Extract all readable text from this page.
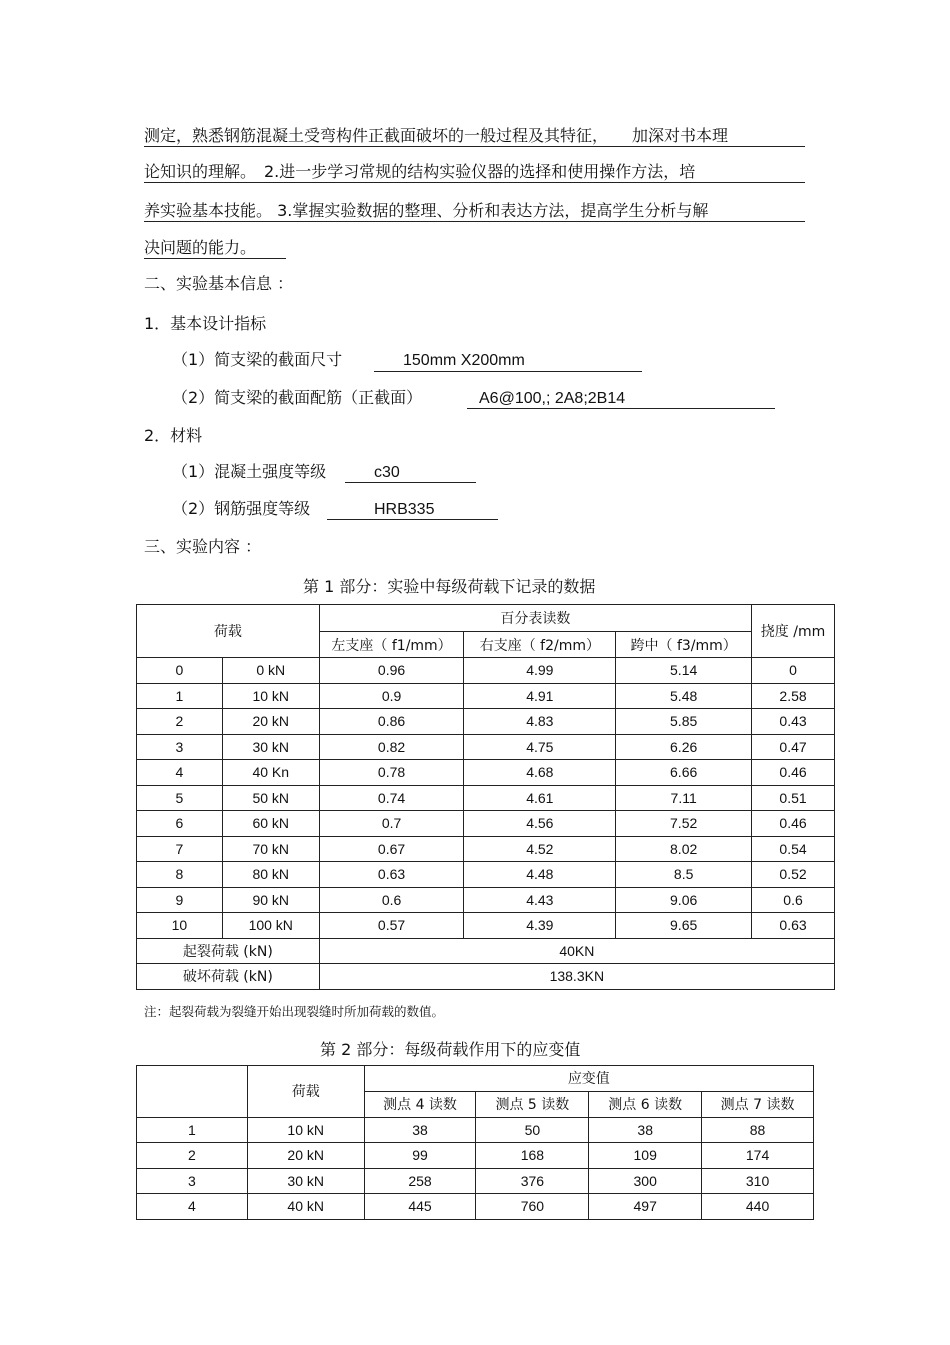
测定，熟悉钢筋混凝土受弯构件正截面破坏的一般过程及其特征，　　加深对书本理
论知识的理解。　2.进一步学习常规的结构实验仪器的选择和使用操作方法，培
养实验基本技能。 3.掌握实验数据的整理、分析和表达方法，提高学生分析与解
决问题的能力。
二、实验基本信息 ：
1．基本设计指标
（1）简支梁的截面尺寸	150mm X200mm
（2）简支梁的截面配筋（正截面）	A6@100,; 2A8;2B14
2．材料
（1）混凝土强度等级	c30
（2）钢筋强度等级	HRB335
三、实验内容 ：
第 1 部分：实验中每级荷载下记录的数据
荷载		百分表读数			挠度 /mm
		左支座（ f1/mm）	右支座（ f2/mm）	跨中（ f3/mm）	
0	0 kN	0.96	4.99	5.14	0
1	10 kN	0.9	4.91	5.48	2.58
2	20 kN	0.86	4.83	5.85	0.43
3	30 kN	0.82	4.75	6.26	0.47
4	40 Kn	0.78	4.68	6.66	0.46
5	50 kN	0.74	4.61	7.11	0.51
6	60 kN	0.7	4.56	7.52	0.46
7	70 kN	0.67	4.52	8.02	0.54
8	80 kN	0.63	4.48	8.5	0.52
9	90 kN	0.6	4.43	9.06	0.6
10	100 kN	0.57	4.39	9.65	0.63
起裂荷载 (kN)		40KN			
破坏荷载 (kN)		138.3KN			
注：起裂荷载为裂缝开始出现裂缝时所加荷载的数值。
第 2 部分：每级荷载作用下的应变值
	荷载	应变值			
		测点 4 读数	测点 5 读数	测点 6 读数	测点 7 读数
1	10 kN	38	50	38	88
2	20 kN	99	168	109	174
3	30 kN	258	376	300	310
4	40 kN	445	760	497	440
